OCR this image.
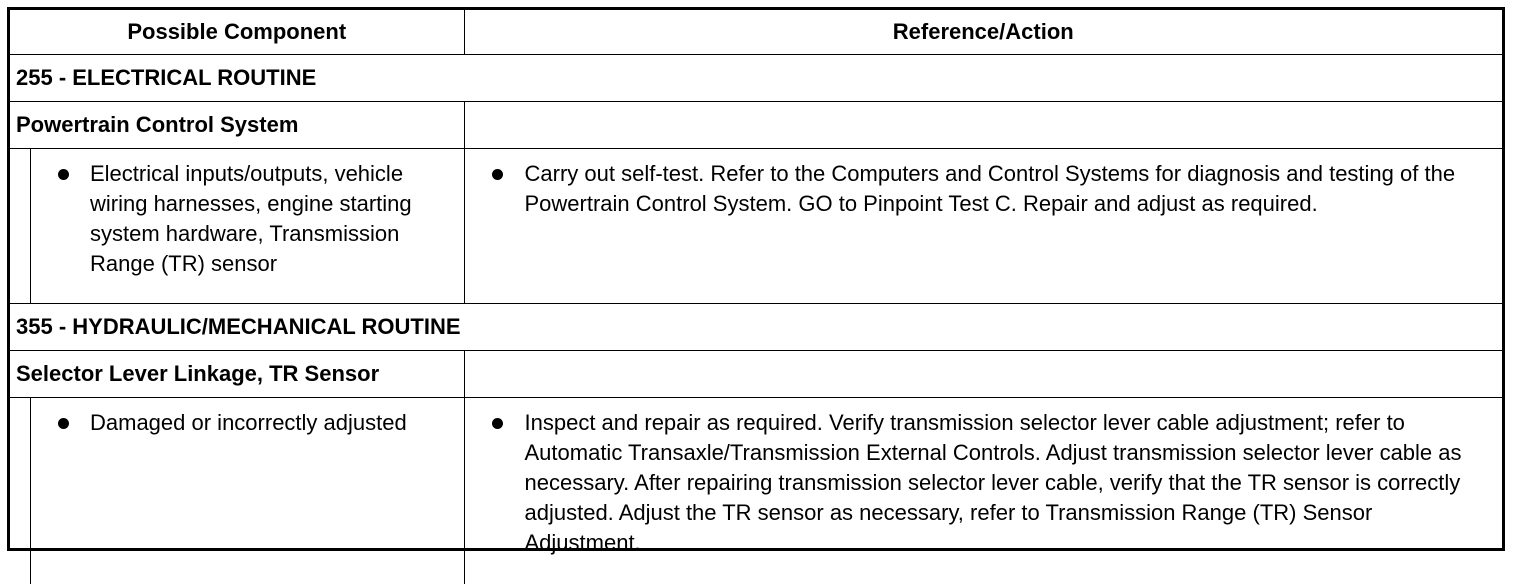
Possible Component	Reference/Action
255 - ELECTRICAL ROUTINE	
Powertrain Control System	

Electrical inputs/outputs, vehicle wiring harnesses, engine starting system hardware, Transmission Range (TR) sensor	Carry out self-test. Refer to the Computers and Control Systems for diagnosis and testing of the Powertrain Control System. GO to Pinpoint Test C. Repair and adjust as required.
355 - HYDRAULIC/MECHANICAL ROUTINE	
Selector Lever Linkage, TR Sensor	

Damaged or incorrectly adjusted	Inspect and repair as required. Verify transmission selector lever cable adjustment; refer to Automatic Transaxle/Transmission External Controls. Adjust transmission selector lever cable as necessary. After repairing transmission selector lever cable, verify that the TR sensor is correctly adjusted. Adjust the TR sensor as necessary, refer to Transmission Range (TR) Sensor Adjustment.
